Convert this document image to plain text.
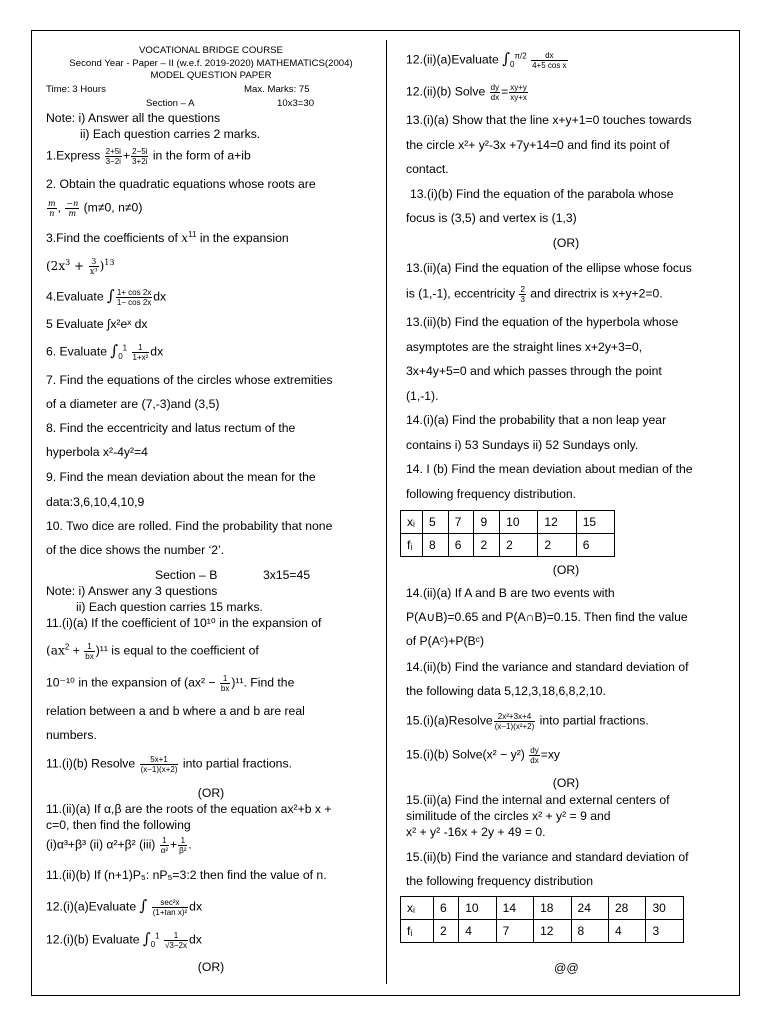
VOCATIONAL BRIDGE COURSE
Second Year - Paper – II (w.e.f. 2019-2020) MATHEMATICS(2004)
MODEL QUESTION PAPER
Time: 3 Hours	Max. Marks: 75
Section – A	10x3=30
Note: i) Answer all the questions
ii) Each question carries 2 marks.
1.Express $\frac{2+5i}{3-2i} + \frac{2-5i}{3+2i}$ in the form of a+ib
2. Obtain the quadratic equations whose roots are
$\frac{m}{n}$ , $\frac{-n}{m} (m\ne 0$, n≠0)
3.Find the coefficients of $x^{11}$ in the expansion
$(2x^3 + \frac{3}{\text{x³}} )^{13}$
4.Evaluate ∫ $\frac{1+ \cos 2x}{1- \cos 2x}$ dx
5 Evaluate ∫x²eˣ dx
6. Evaluate $\int_0^1 \frac{1}{\text{1+x²}}$ dx
7. Find the equations of the circles whose extremities
of a diameter are (7,-3)and (3,5)
8. Find the eccentricity and latus rectum of the
hyperbola x²-4y²=4
9. Find the mean deviation about the mean for the
data:3,6,10,4,10,9
10. Two dice are rolled. Find the probability that none
of the dice shows the number ‘2’.
Section – B	3x15=45
Note: i) Answer any 3 questions
ii) Each question carries 15 marks.
11.(i)(a) If the coefficient of 10¹⁰ in the expansion of
$(ax^2 + \frac{1}{bx} )^{11}$ is equal to the coefficient of
10⁻¹⁰ in the expansion of $(ax^2 - \frac{1}{bx} )^{11}$. Find the
relation between a and b where a and b are real
numbers.
11.(i)(b) Resolve $\frac{5x+1}{(x-1)(x+2)}$ into partial fractions.
(OR)
11.(ii)(a) If α,β are the roots of the equation ax²+b x +
c=0, then find the following
(i)α³+β³ (ii) α²+β² $(iii) \frac{1}{\text{α²}} + \frac{1}{\text{β²}}$ .
11.(ii)(b) If (n+1)P₅: nP₅=3:2 then find the value of n.
12.(i)(a)Evaluate ∫ $\frac{\text{sec²x}}{\text{(1+tan x)²}}$ dx
12.(i)(b) Evaluate $\int_0^1 \frac{1}{√3-2x}$ dx
(OR)
12.(ii)(a)Evaluate $\int_0^{\pi/2} \frac{dx}{\text{4+5 cos x}}$
12.(ii)(b) Solve $\frac{dy}{dx} = \frac{xy+y}{xy+x}$
13.(i)(a) Show that the line x+y+1=0 touches towards
the circle x²+ y²-3x +7y+14=0 and find its point of
contact.
13.(i)(b) Find the equation of the parabola whose
focus is (3,5) and vertex is (1,3)
(OR)
13.(ii)(a) Find the equation of the ellipse whose focus
is (1,-1), eccentricity $\frac{2}{3}$ and directrix is x+y+2=0.
13.(ii)(b) Find the equation of the hyperbola whose
asymptotes are the straight lines x+2y+3=0,
3x+4y+5=0 and which passes through the point
(1,-1).
14.(i)(a) Find the probability that a non leap year
contains i) 53 Sundays ii) 52 Sundays only.
14. I (b) Find the mean deviation about median of the
following frequency distribution.
xᵢ	5	7	9	10	12	15
fᵢ	8	6	2	2	2	6
(OR)
14.(ii)(a) If A and B are two events with
P(A∪B)=0.65 and P(A∩B)=0.15. Then find the value
of P(Aᶜ)+P(Bᶜ)
14.(ii)(b) Find the variance and standard deviation of
the following data 5,12,3,18,6,8,2,10.
15.(i)(a)Resolve $\frac{\text{2x²+3x+4}}{\text{(x−1)(x²+2)}}$ into partial fractions.
15.(i)(b) Solve(x² − $y^2) \frac{dy}{dx} =xy$
(OR)
15.(ii)(a) Find the internal and external centers of
similitude of the circles x² + y² = 9 and
x² + y² -16x + 2y + 49 = 0.
15.(ii)(b) Find the variance and standard deviation of
the following frequency distribution
xᵢ	6	10	14	18	24	28	30
fᵢ	2	4	7	12	8	4	3
@@
